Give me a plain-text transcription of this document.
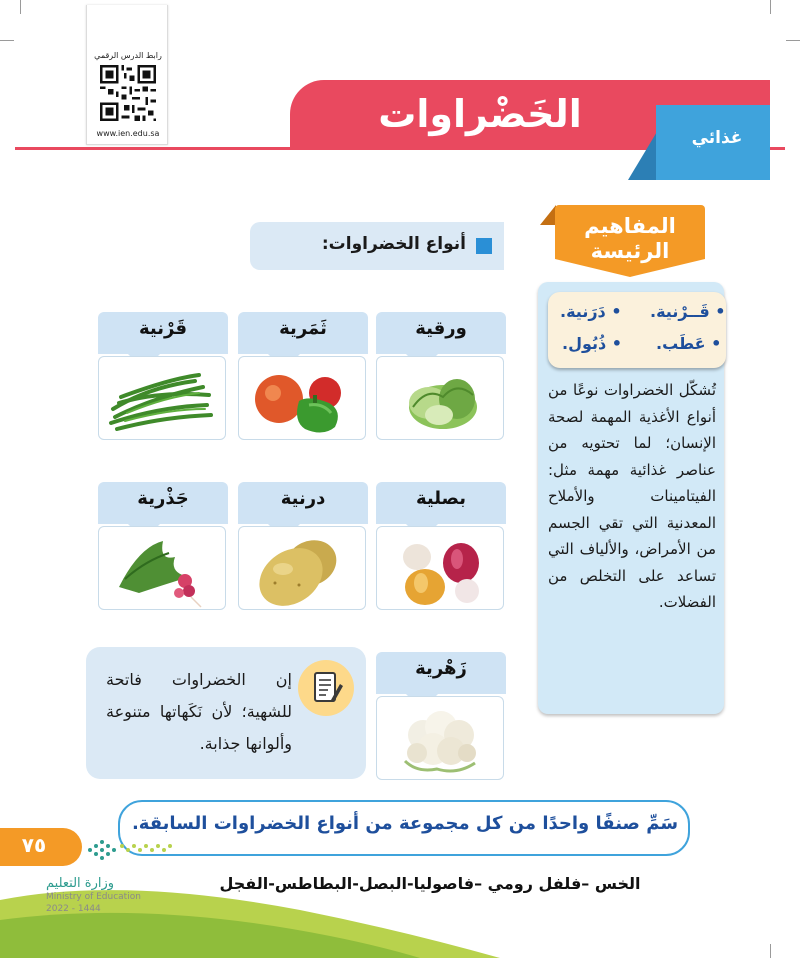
الخَضْراوات
غذائي
رابط الدرس الرقمي
www.ien.edu.sa
المفاهيم
الرئيسة
• قَــرْنية.
• دَرَنية.
• عَطَب.
• ذُبُول.
تُشكّل الخضراوات نوعًا من أنواع الأغذية المهمة لصحة الإنسان؛ لما تحتويه من عناصر غذائية مهمة مثل: الفيتامينات والأملاح المعدنية التي تقي الجسم من الأمراض، والألياف التي تساعد على التخلص من الفضلات.
أنواع الخضراوات:
ورقية
ثَمَرية
قَرْنية
بصلية
درنية
جَذْرية
زَهْرية
إن الخضراوات فاتحة للشهية؛ لأن نَكَهاتها متنوعة وألوانها جذابة.
سَمِّ صنفًا واحدًا من كل مجموعة من أنواع الخضراوات السابقة.
الخس –فلفل رومي –فاصوليا-البصل-البطاطس-الفجل
٧٥
وزارة التعليم
Ministry of Education
2022 - 1444
